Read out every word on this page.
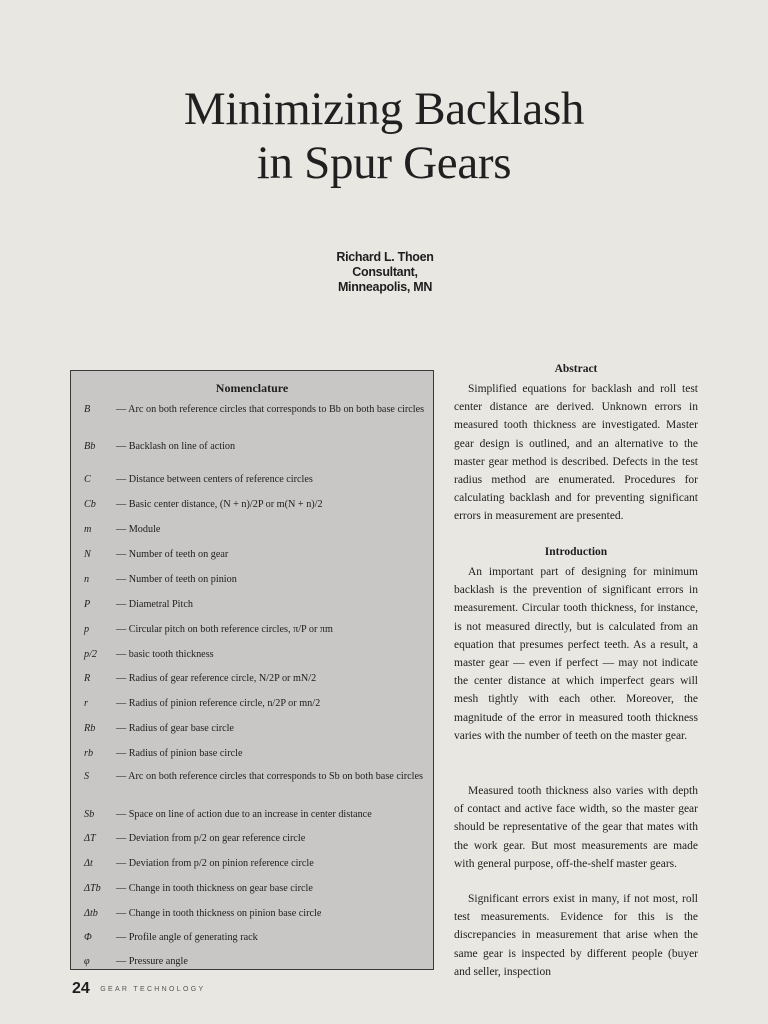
Minimizing Backlash
in Spur Gears
Richard L. Thoen
Consultant,
Minneapolis, MN
Nomenclature
B	— Arc on both reference circles that corresponds to Bb on both base circles
Bb	— Backlash on line of action
C	— Distance between centers of reference circles
Cb	— Basic center distance, (N + n)/2P or m(N + n)/2
m	— Module
N	— Number of teeth on gear
n	— Number of teeth on pinion
P	— Diametral Pitch
p	— Circular pitch on both reference circles, π/P or πm
p/2	— basic tooth thickness
R	— Radius of gear reference circle, N/2P or mN/2
r	— Radius of pinion reference circle, n/2P or mn/2
Rb	— Radius of gear base circle
rb	— Radius of pinion base circle
S	— Arc on both reference circles that corresponds to Sb on both base circles
Sb	— Space on line of action due to an increase in center distance
ΔT	— Deviation from p/2 on gear reference circle
Δt	— Deviation from p/2 on pinion reference circle
ΔTb	— Change in tooth thickness on gear base circle
Δtb	— Change in tooth thickness on pinion base circle
Φ	— Profile angle of generating rack
φ	— Pressure angle
Abstract

Simplified equations for backlash and roll test center distance are derived. Unknown errors in measured tooth thickness are investigated. Master gear design is outlined, and an alternative to the master gear method is described. Defects in the test radius method are enumerated. Procedures for calculating backlash and for preventing significant errors in measurement are presented.

Introduction

An important part of designing for minimum backlash is the prevention of significant errors in measurement. Circular tooth thickness, for instance, is not measured directly, but is calculated from an equation that presumes perfect teeth. As a result, a master gear — even if perfect — may not indicate the center distance at which imperfect gears will mesh tightly with each other. Moreover, the magnitude of the error in measured tooth thickness varies with the number of teeth on the master gear.

Measured tooth thickness also varies with depth of contact and active face width, so the master gear should be representative of the gear that mates with the work gear. But most measurements are made with general purpose, off-the-shelf master gears.

Significant errors exist in many, if not most, roll test measurements. Evidence for this is the discrepancies in measurement that arise when the same gear is inspected by different people (buyer and seller, inspection

24 GEAR TECHNOLOGY
